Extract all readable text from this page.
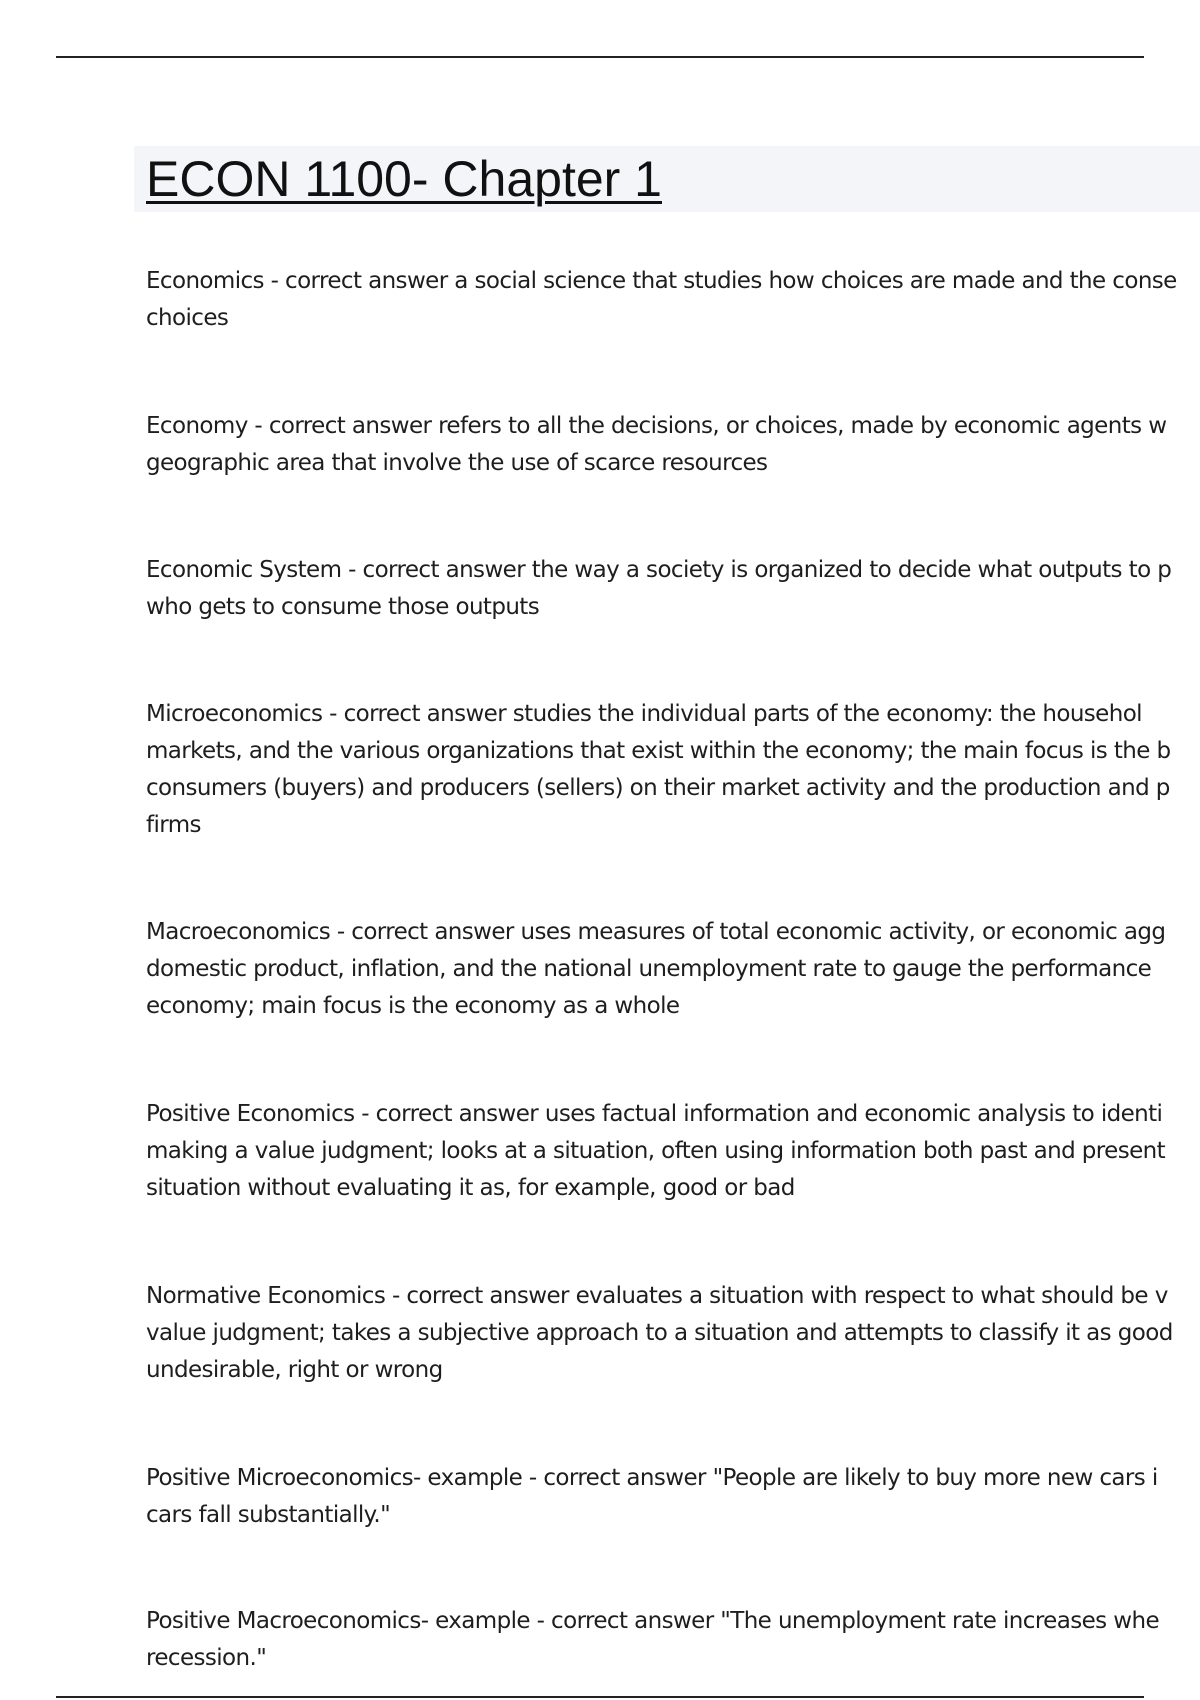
ECON 1100- Chapter 1

Economics - correct answer a social science that studies how choices are made and the conse
choices

Economy - correct answer refers to all the decisions, or choices, made by economic agents w
geographic area that involve the use of scarce resources

Economic System - correct answer the way a society is organized to decide what outputs to p
who gets to consume those outputs

Microeconomics - correct answer studies the individual parts of the economy: the househol
markets, and the various organizations that exist within the economy; the main focus is the b
consumers (buyers) and producers (sellers) on their market activity and the production and p
firms

Macroeconomics - correct answer uses measures of total economic activity, or economic agg
domestic product, inflation, and the national unemployment rate to gauge the performance
economy; main focus is the economy as a whole

Positive Economics - correct answer uses factual information and economic analysis to identi
making a value judgment; looks at a situation, often using information both past and present
situation without evaluating it as, for example, good or bad

Normative Economics - correct answer evaluates a situation with respect to what should be v
value judgment; takes a subjective approach to a situation and attempts to classify it as good
undesirable, right or wrong

Positive Microeconomics- example - correct answer "People are likely to buy more new cars i
cars fall substantially."

Positive Macroeconomics- example - correct answer "The unemployment rate increases whe
recession."
